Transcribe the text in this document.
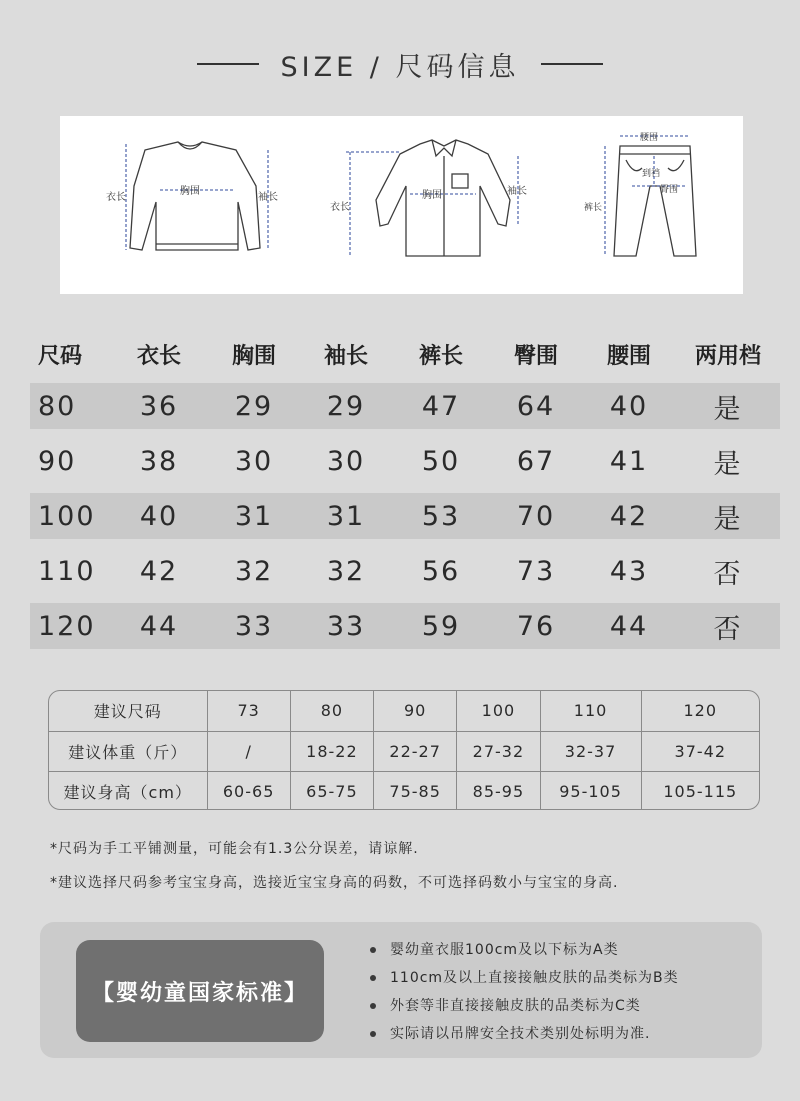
SIZE / 尺码信息
衣长
胸围
袖长
衣长
胸围	袖长
腰围
到裆
臀围
裤长
尺码	衣长	胸围	袖长	裤长	臀围	腰围	两用档
80	36	29	29	47	64	40	是
90	38	30	30	50	67	41	是
100	40	31	31	53	70	42	是
110	42	32	32	56	73	43	否
120	44	33	33	59	76	44	否
建议尺码	73	80	90	100	110	120
建议体重（斤）	/	18-22	22-27	27-32	32-37	37-42
建议身高（cm）	60-65	65-75	75-85	85-95	95-105	105-115

*尺码为手工平铺测量，可能会有1.3公分误差，请谅解.

*建议选择尺码参考宝宝身高，选接近宝宝身高的码数，不可选择码数小与宝宝的身高.

【婴幼童国家标准】
婴幼童衣服100cm及以下标为A类
110cm及以上直接接触皮肤的品类标为B类
外套等非直接接触皮肤的品类标为C类
实际请以吊牌安全技术类别处标明为准.
